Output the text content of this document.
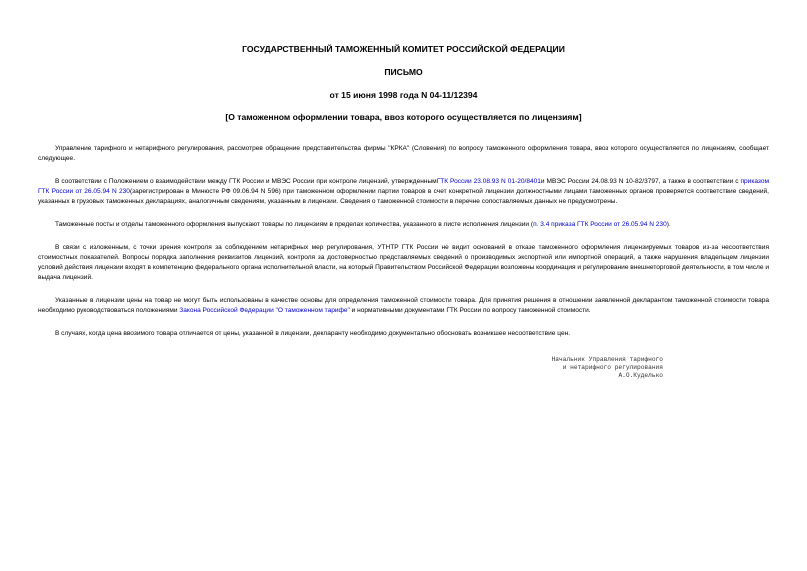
ГОСУДАРСТВЕННЫЙ ТАМОЖЕННЫЙ КОМИТЕТ РОССИЙСКОЙ ФЕДЕРАЦИИ
ПИСЬМО
от 15 июня 1998 года N 04-11/12394
[О таможенном оформлении товара, ввоз которого осуществляется по лицензиям]

Управление тарифного и нетарифного регулирования, рассмотрев обращение представительства фирмы "КРКА" (Словения) по вопросу таможенного оформления товара, ввоз которого осуществляется по лицензиям, сообщает следующее.

В соответствии с Положением о взаимодействии между ГТК России и МВЭС России при контроле лицензий, утвержденнымГТК России 23.08.93 N 01-20/8401и МВЭС России 24.08.93 N 10-82/3797, а также в соответствии с приказом ГТК России от 26.05.94 N 230(зарегистрирован в Минюсте РФ 09.06.94 N 596) при таможенном оформлении партии товаров в счет конкретной лицензии должностными лицами таможенных органов проверяется соответствие сведений, указанных в грузовых таможенных декларациях, аналогичным сведениям, указанным в лицензии. Сведения о таможенной стоимости в перечне сопоставляемых данных не предусмотрены.

Таможенные посты и отделы таможенного оформления выпускают товары по лицензиям в пределах количества, указанного в листе исполнения лицензии (п. 3.4 приказа ГТК России от 26.05.94 N 230).

В связи с изложенным, с точки зрения контроля за соблюдением нетарифных мер регулирования, УТНТР ГТК России не видит оснований в отказе таможенного оформления лицензируемых товаров из-за несоответствия стоимостных показателей. Вопросы порядка заполнения реквизитов лицензий, контроля за достоверностью представляемых сведений о производимых экспортной или импортной операций, а также нарушения владельцем лицензии условий действия лицензии входят в компетенцию федерального органа исполнительной власти, на который Правительством Российской Федерации возложены координация и регулирование внешнеторговой деятельности, в том числе и выдача лицензий.

Указанные в лицензии цены на товар не могут быть использованы в качестве основы для определения таможенной стоимости товара. Для принятия решения в отношении заявленной декларантом таможенной стоимости товара необходимо руководствоваться положениями Закона Российской Федерации "О таможенном тарифе" и нормативными документами ГТК России по вопросу таможенной стоимости.

В случаях, когда цена ввозимого товара отличается от цены, указанной в лицензии, декларанту необходимо документально обосновать возникшее несоответствие цен.

Начальник Управления тарифного
и нетарифного регулирования
А.О.Куделько
